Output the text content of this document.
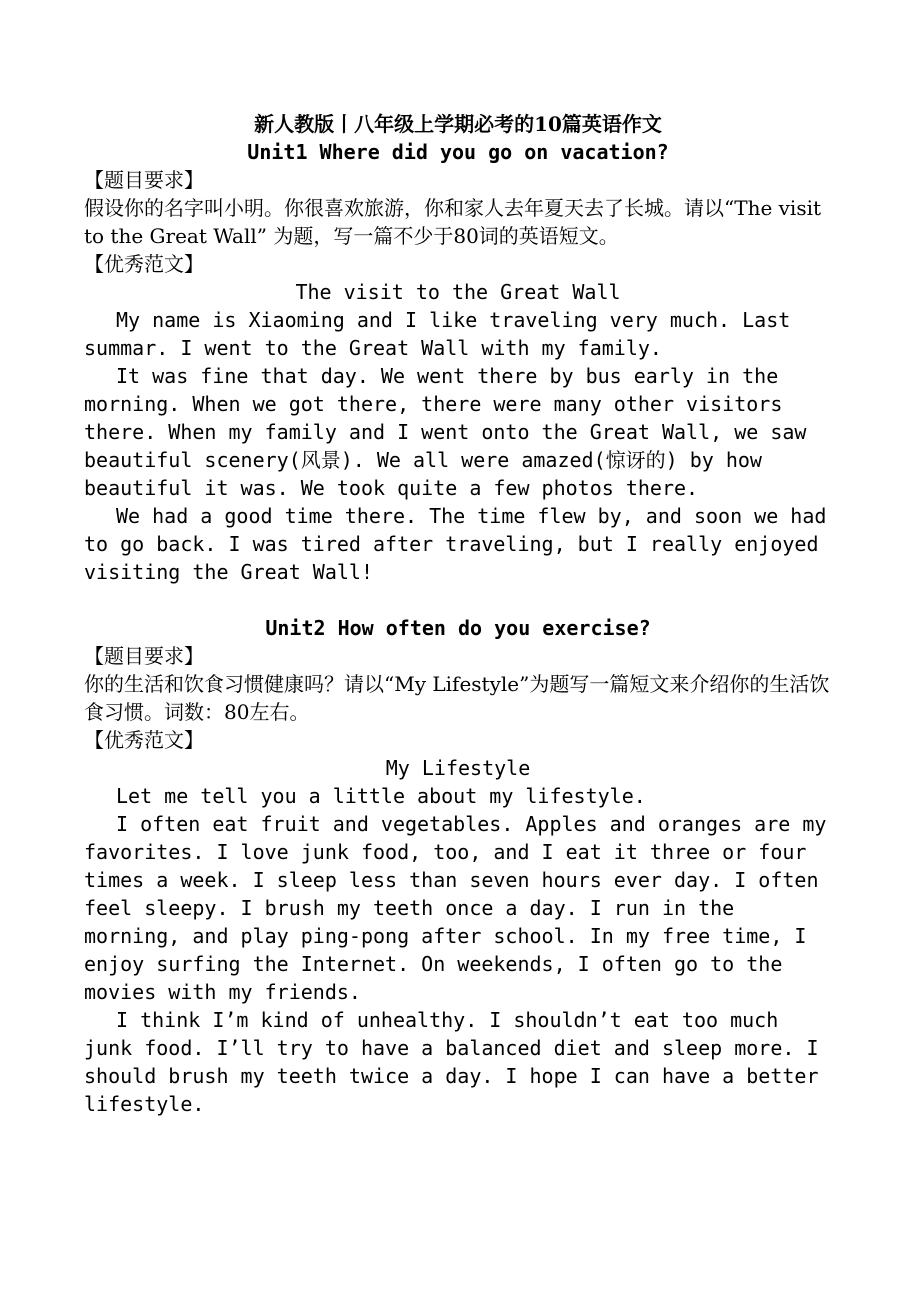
新人教版丨八年级上学期必考的10篇英语作文
Unit1 Where did you go on vacation?

【题目要求】

假设你的名字叫小明。你很喜欢旅游，你和家人去年夏天去了长城。请以“The visit to the Great Wall” 为题，写一篇不少于80词的英语短文。

【优秀范文】

The visit to the Great Wall

My name is Xiaoming and I like traveling very much. Last summar. I went to the Great Wall with my family.

It was fine that day. We went there by bus early in the morning. When we got there, there were many other visitors there. When my family and I went onto the Great Wall, we saw beautiful scenery(风景). We all were amazed(惊讶的) by how beautiful it was. We took quite a few photos there.

We had a good time there. The time flew by, and soon we had to go back. I was tired after traveling, but I really enjoyed visiting the Great Wall!

Unit2 How often do you exercise?

【题目要求】

你的生活和饮食习惯健康吗？请以“My Lifestyle”为题写一篇短文来介绍你的生活饮食习惯。词数：80左右。

【优秀范文】

My Lifestyle

Let me tell you a little about my lifestyle.

I often eat fruit and vegetables. Apples and oranges are my favorites. I love junk food, too, and I eat it three or four times a week. I sleep less than seven hours ever day. I often feel sleepy. I brush my teeth once a day. I run in the morning, and play ping-pong after school. In my free time, I enjoy surfing the Internet. On weekends, I often go to the movies with my friends.

I think I’m kind of unhealthy. I shouldn’t eat too much junk food. I’ll try to have a balanced diet and sleep more. I should brush my teeth twice a day. I hope I can have a better lifestyle.
